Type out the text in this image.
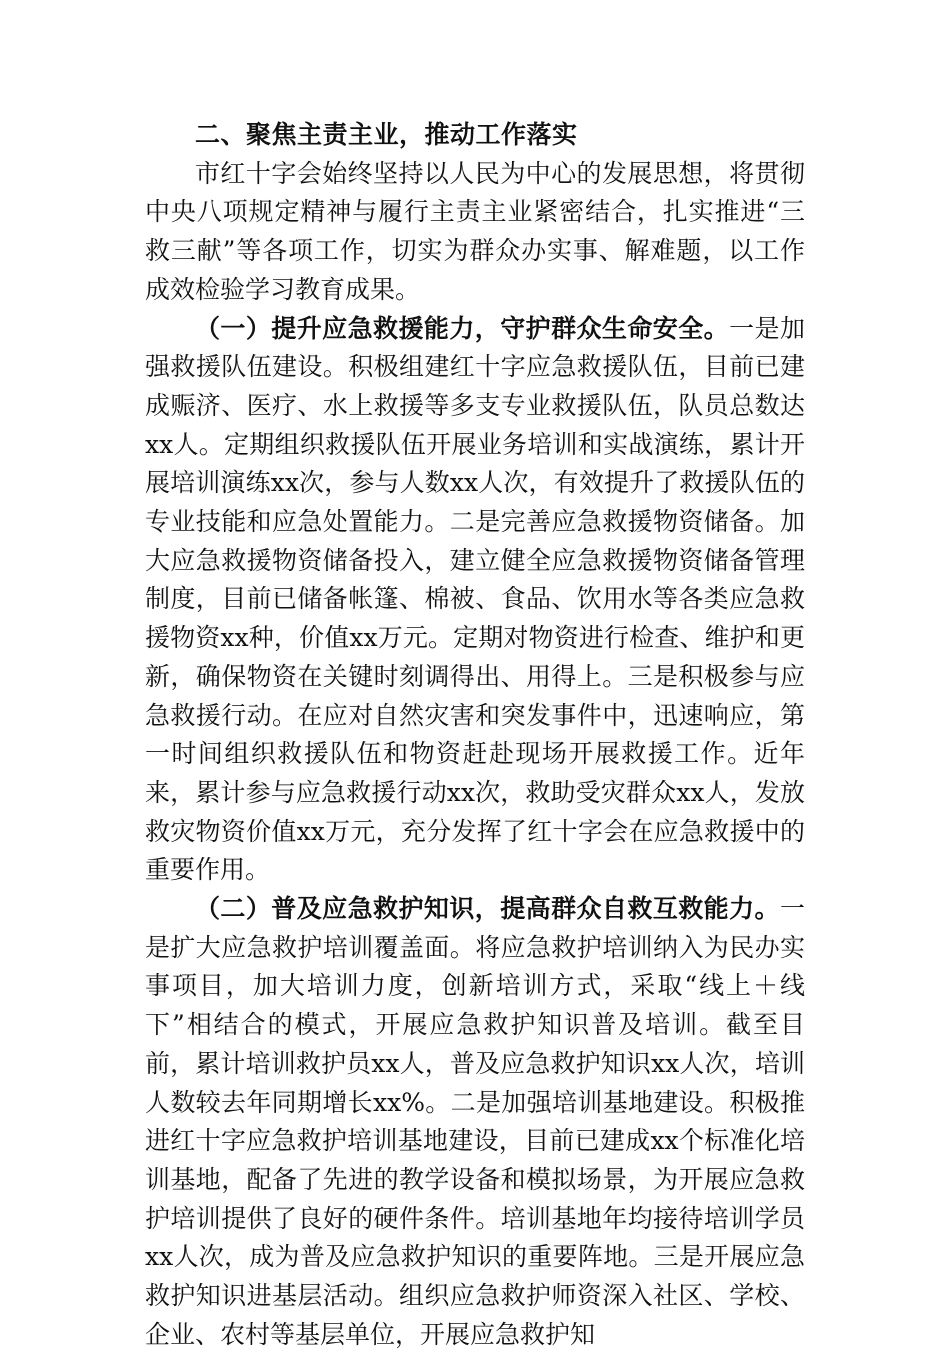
二、聚焦主责主业，推动工作落实

市红十字会始终坚持以人民为中心的发展思想，将贯彻中央八项规定精神与履行主责主业紧密结合，扎实推进“三救三献”等各项工作，切实为群众办实事、解难题，以工作成效检验学习教育成果。

（一）提升应急救援能力，守护群众生命安全。一是加强救援队伍建设。积极组建红十字应急救援队伍，目前已建成赈济、医疗、水上救援等多支专业救援队伍，队员总数达xx人。定期组织救援队伍开展业务培训和实战演练，累计开展培训演练xx次，参与人数xx人次，有效提升了救援队伍的专业技能和应急处置能力。二是完善应急救援物资储备。加大应急救援物资储备投入，建立健全应急救援物资储备管理制度，目前已储备帐篷、棉被、食品、饮用水等各类应急救援物资xx种，价值xx万元。定期对物资进行检查、维护和更新，确保物资在关键时刻调得出、用得上。三是积极参与应急救援行动。在应对自然灾害和突发事件中，迅速响应，第一时间组织救援队伍和物资赶赴现场开展救援工作。近年来，累计参与应急救援行动xx次，救助受灾群众xx人，发放救灾物资价值xx万元，充分发挥了红十字会在应急救援中的重要作用。

（二）普及应急救护知识，提高群众自救互救能力。一是扩大应急救护培训覆盖面。将应急救护培训纳入为民办实事项目，加大培训力度，创新培训方式，采取“线上＋线下”相结合的模式，开展应急救护知识普及培训。截至目前，累计培训救护员xx人，普及应急救护知识xx人次，培训人数较去年同期增长xx%。二是加强培训基地建设。积极推进红十字应急救护培训基地建设，目前已建成xx个标准化培训基地，配备了先进的教学设备和模拟场景，为开展应急救护培训提供了良好的硬件条件。培训基地年均接待培训学员xx人次，成为普及应急救护知识的重要阵地。三是开展应急救护知识进基层活动。组织应急救护师资深入社区、学校、企业、农村等基层单位，开展应急救护知
